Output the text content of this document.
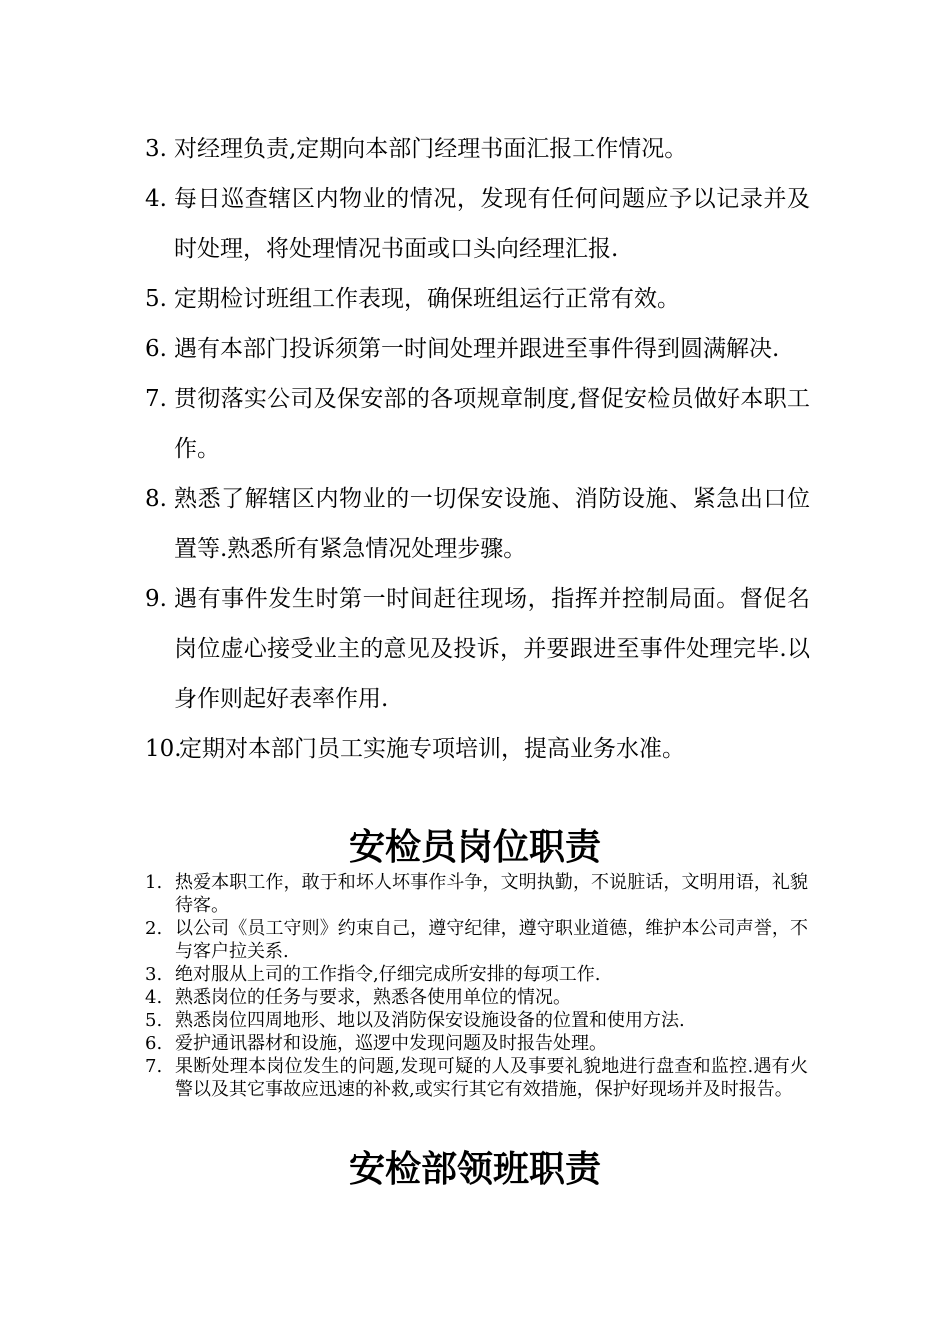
3. 对经理负责,定期向本部门经理书面汇报工作情况。
4. 每日巡查辖区内物业的情况，发现有任何问题应予以记录并及时处理，将处理情况书面或口头向经理汇报.
5. 定期检讨班组工作表现，确保班组运行正常有效。
6. 遇有本部门投诉须第一时间处理并跟进至事件得到圆满解决.
7. 贯彻落实公司及保安部的各项规章制度,督促安检员做好本职工作。
8. 熟悉了解辖区内物业的一切保安设施、消防设施、紧急出口位置等.熟悉所有紧急情况处理步骤。
9. 遇有事件发生时第一时间赶往现场，指挥并控制局面。督促名岗位虚心接受业主的意见及投诉，并要跟进至事件处理完毕.以身作则起好表率作用.
10.
定期对本部门员工实施专项培训，提高业务水准。
安检员岗位职责
1. 热爱本职工作，敢于和坏人坏事作斗争，文明执勤，不说脏话，文明用语，礼貌待客。
2. 以公司《员工守则》约束自己，遵守纪律，遵守职业道德，维护本公司声誉，不与客户拉关系.
3. 绝对服从上司的工作指令,仔细完成所安排的每项工作.
4. 熟悉岗位的任务与要求，熟悉各使用单位的情况。
5. 熟悉岗位四周地形、地以及消防保安设施设备的位置和使用方法.
6. 爱护通讯器材和设施，巡逻中发现问题及时报告处理。
7. 果断处理本岗位发生的问题,发现可疑的人及事要礼貌地进行盘查和监控.遇有火警以及其它事故应迅速的补救,或实行其它有效措施，保护好现场并及时报告。
安检部领班职责
